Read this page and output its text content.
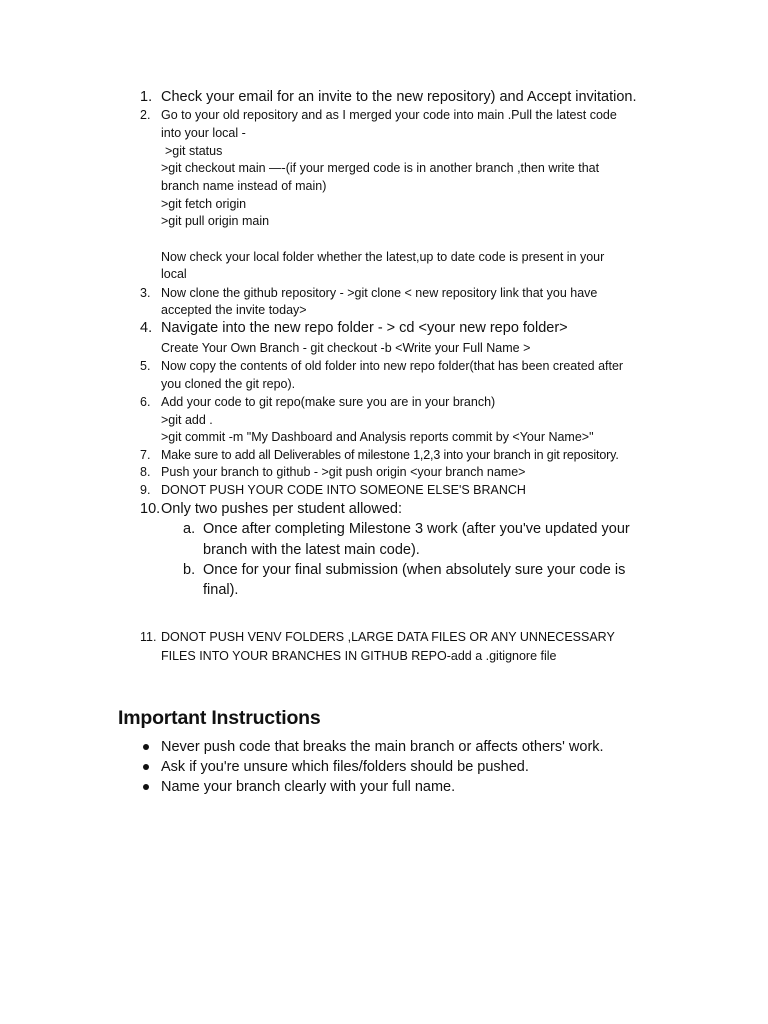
1. Check your email for an invite to the new repository) and Accept invitation.
2. Go to your old repository and as I merged your code into main .Pull the latest code
into your local -
>git status
>git checkout main —-(if your merged code is in another branch ,then write that
branch name instead of main)
>git fetch origin
>git pull origin main
Now check your local folder whether the latest,up to date code is present in your
local
3. Now clone the github repository - >git clone < new repository link that you have
accepted the invite today>
4. Navigate into the new repo folder - > cd <your new repo folder>
Create Your Own Branch - git checkout -b <Write your Full Name >
5. Now copy the contents of old folder into new repo folder(that has been created after
you cloned the git repo).
6. Add your code to git repo(make sure you are in your branch)
>git add .
>git commit -m "My Dashboard and Analysis reports commit by <Your Name>"
7. Make sure to add all Deliverables of milestone 1,2,3 into your branch in git repository.
8. Push your branch to github - >git push origin <your branch name>
9. DONOT PUSH YOUR CODE INTO SOMEONE ELSE'S BRANCH
10. Only two pushes per student allowed:
a. Once after completing Milestone 3 work (after you've updated your
branch with the latest main code).
b. Once for your final submission (when absolutely sure your code is
final).
11. DONOT PUSH VENV FOLDERS ,LARGE DATA FILES OR ANY UNNECESSARY
FILES INTO YOUR BRANCHES IN GITHUB REPO-add a .gitignore file
Important Instructions
Never push code that breaks the main branch or affects others' work.
Ask if you're unsure which files/folders should be pushed.
Name your branch clearly with your full name.
